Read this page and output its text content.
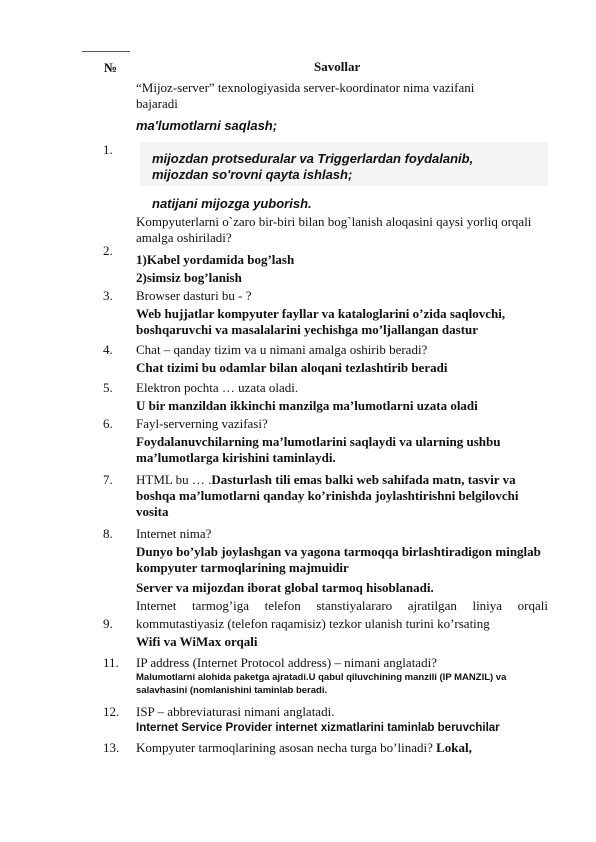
№	Savollar
1.
“Mijoz-server” texnologiyasida server-koordinator nima vazifani bajaradi
ma'lumotlarni saqlash;
mijozdan protseduralar va Triggerlardan foydalanib,
mijozdan so'rovni qayta ishlash;
natijani mijozga yuborish.
2.
Kompyuterlarni o`zaro bir-biri bilan bog`lanish aloqasini qaysi yorliq orqali amalga oshiriladi?
1)Kabel yordamida bog’lash
2)simsiz bog’lanish
3. Browser dasturi bu - ?
Web hujjatlar kompyuter fayllar va kataloglarini o’zida saqlovchi, boshqaruvchi va masalalarini yechishga mo’ljallangan dastur
4. Chat – qanday tizim va u nimani amalga oshirib beradi?
Chat tizimi bu odamlar bilan aloqani tezlashtirib beradi
5. Elektron pochta … uzata oladi.
U bir manzildan ikkinchi manzilga ma’lumotlarni uzata oladi
6. Fayl-serverning vazifasi?
Foydalanuvchilarning ma’lumotlarini saqlaydi va ularning ushbu ma’lumotlarga kirishini taminlaydi.
7. HTML bu … .Dasturlash tili emas balki web sahifada matn, tasvir va boshqa ma’lumotlarni qanday ko’rinishda joylashtirishni belgilovchi vosita
8. Internet nima?
Dunyo bo’ylab joylashgan va yagona tarmoqqa birlashtiradigon minglab kompyuter tarmoqlarining majmuidir
Server va mijozdan iborat global tarmoq hisoblanadi.
9.
Internet tarmog’iga telefon stanstiyalararo ajratilgan liniya orqali
kommutastiyasiz (telefon raqamisiz) tezkor ulanish turini ko’rsating
Wifi va WiMax orqali
11. IP address (Internet Protocol address) – nimani anglatadi?
Malumotlarni alohida paketga ajratadi.U qabul qiluvchining manzili (IP MANZIL) va salavhasini (nomlanishini taminlab beradi.
12. ISP – abbreviaturasi nimani anglatadi.
Internet Service Provider internet xizmatlarini taminlab beruvchilar
13. Kompyuter tarmoqlarining asosan necha turga bo’linadi? Lokal,
